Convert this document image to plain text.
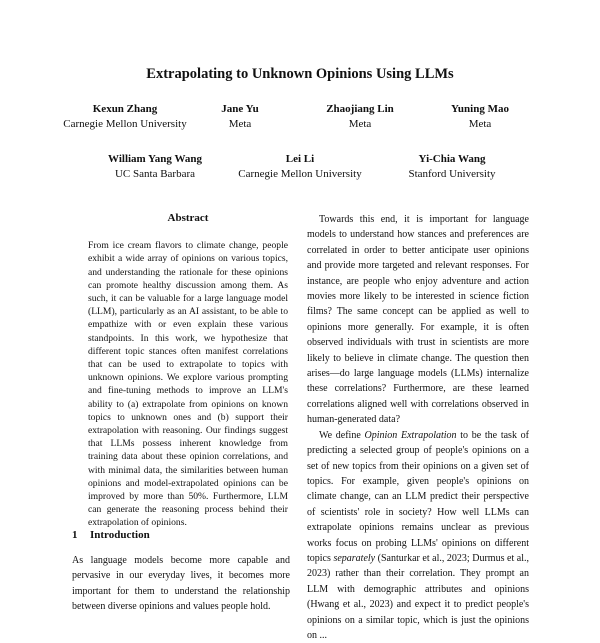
Extrapolating to Unknown Opinions Using LLMs
Kexun Zhang
Carnegie Mellon University
Jane Yu
Meta
Zhaojiang Lin
Meta
Yuning Mao
Meta
William Yang Wang
UC Santa Barbara
Lei Li
Carnegie Mellon University
Yi-Chia Wang
Stanford University
Abstract

From ice cream flavors to climate change, people exhibit a wide array of opinions on various topics, and understanding the rationale for these opinions can promote healthy discussion among them. As such, it can be valuable for a large language model (LLM), particularly as an AI assistant, to be able to empathize with or even explain these various standpoints. In this work, we hypothesize that different topic stances often manifest correlations that can be used to extrapolate to topics with unknown opinions. We explore various prompting and fine-tuning methods to improve an LLM's ability to (a) extrapolate from opinions on known topics to unknown ones and (b) support their extrapolation with reasoning. Our findings suggest that LLMs possess inherent knowledge from training data about these opinion correlations, and with minimal data, the similarities between human opinions and model-extrapolated opinions can be improved by more than 50%. Furthermore, LLM can generate the reasoning process behind their extrapolation of opinions.

1 Introduction

As language models become more capable and pervasive in our everyday lives, it becomes more important for them to understand the relationship between diverse opinions and values people hold.

Towards this end, it is important for language models to understand how stances and preferences are correlated in order to better anticipate user opinions and provide more targeted and relevant responses. For instance, are people who enjoy adventure and action movies more likely to be interested in science fiction films? The same concept can be applied as well to opinions more generally. For example, it is often observed individuals with trust in scientists are more likely to believe in climate change. The question then arises—do large language models (LLMs) internalize these correlations? Furthermore, are these learned correlations aligned well with correlations observed in human-generated data?

We define Opinion Extrapolation to be the task of predicting a selected group of people's opinions on a set of new topics from their opinions on a given set of topics. For example, given people's opinions on climate change, can an LLM predict their perspective of scientists' role in society? How well LLMs can extrapolate opinions remains unclear as previous works focus on probing LLMs' opinions on different topics separately (Santurkar et al., 2023; Durmus et al., 2023) rather than their correlation. They prompt an LLM with demographic attributes and opinions (Hwang et al., 2023) and expect it to predict people's opinions on a similar topic, which is just the opinions on ...
